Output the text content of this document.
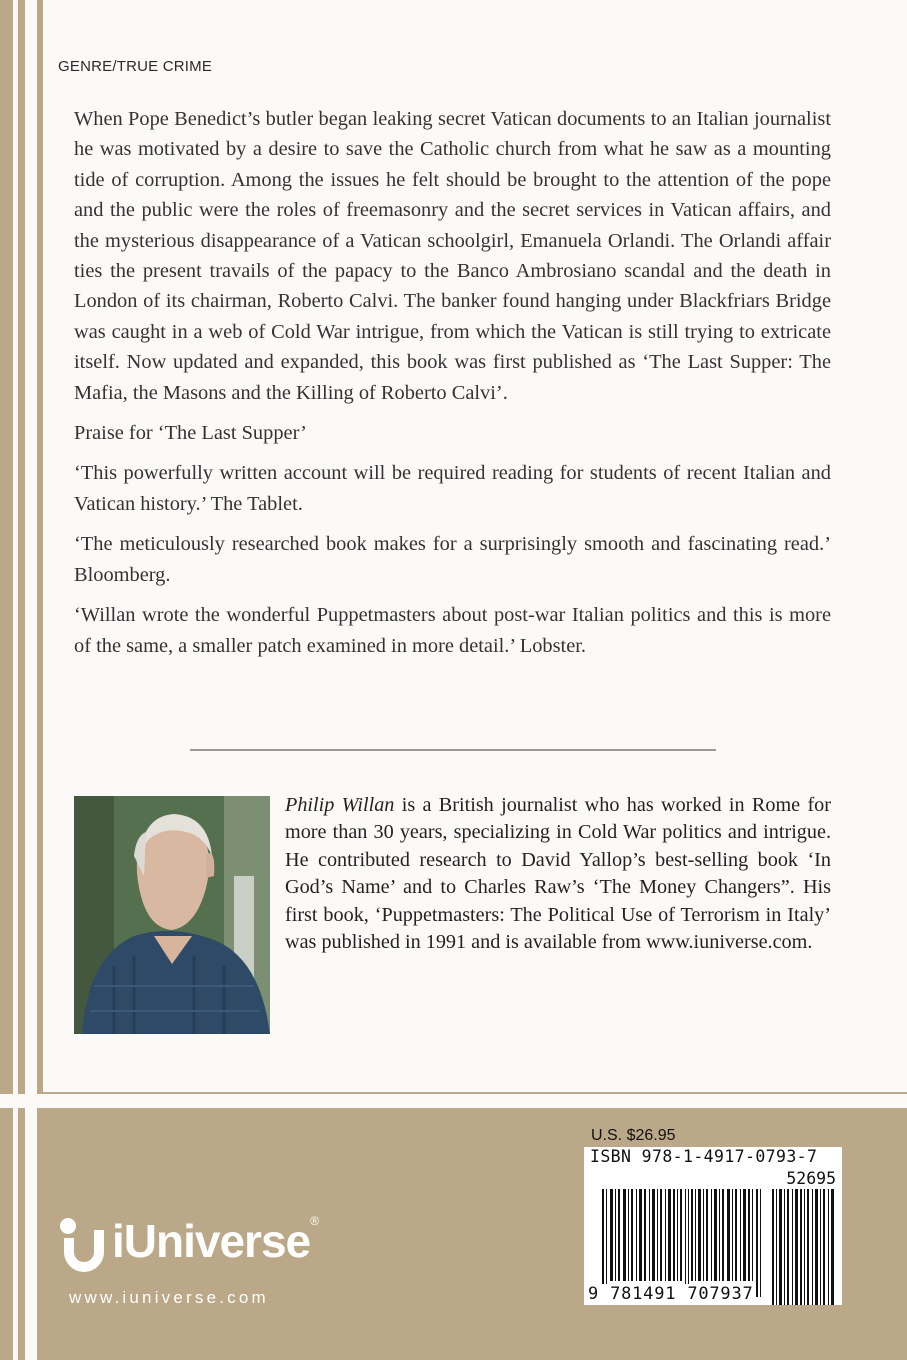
GENRE/TRUE CRIME

When Pope Benedict’s butler began leaking secret Vatican documents to an Italian journalist he was motivated by a desire to save the Catholic church from what he saw as a mounting tide of corruption. Among the issues he felt should be brought to the attention of the pope and the public were the roles of freemasonry and the secret services in Vatican affairs, and the mysterious disappearance of a Vatican schoolgirl, Emanuela Orlandi. The Orlandi affair ties the present travails of the papacy to the Banco Ambrosiano scandal and the death in London of its chairman, Roberto Calvi. The banker found hanging under Blackfriars Bridge was caught in a web of Cold War intrigue, from which the Vatican is still trying to extricate itself. Now updated and expanded, this book was first published as ‘The Last Supper: The Mafia, the Masons and the Killing of Roberto Calvi’.

Praise for ‘The Last Supper’

‘This powerfully written account will be required reading for students of recent Italian and Vatican history.’ The Tablet.

‘The meticulously researched book makes for a surprisingly smooth and fascinating read.’ Bloomberg.

‘Willan wrote the wonderful Puppetmasters about post-war Italian politics and this is more of the same, a smaller patch examined in more detail.’ Lobster.

Philip Willan is a British journalist who has worked in Rome for more than 30 years, specializing in Cold War politics and intrigue. He contributed research to David Yallop’s best-selling book ‘In God’s Name’ and to Charles Raw’s ‘The Money Changers”. His first book, ‘Puppetmasters: The Political Use of Terrorism in Italy’ was published in 1991 and is available from www.iuniverse.com.
iUniverse®
www.iuniverse.com
U.S. $26.95
ISBN 978-1-4917-0793-7
52695
9 781491 707937
